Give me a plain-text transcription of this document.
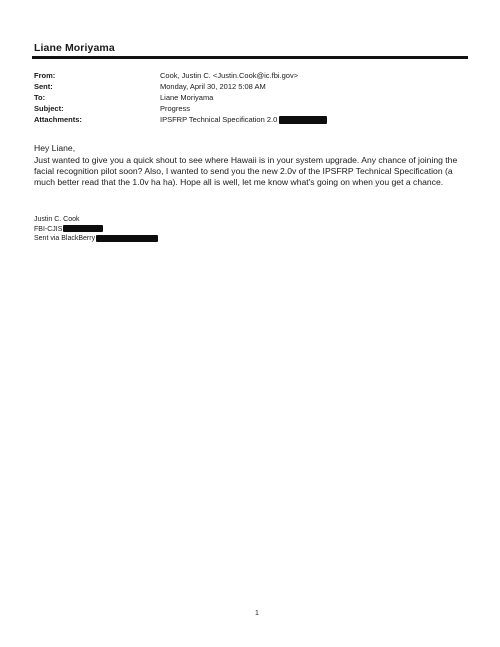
Liane Moriyama
From:	Cook, Justin C. <Justin.Cook@ic.fbi.gov>
Sent:	Monday, April 30, 2012 5:08 AM
To:	Liane Moriyama
Subject:	Progress
Attachments:	IPSFRP Technical Specification 2.0

Hey Liane,

Just wanted to give you a quick shout to see where Hawaii is in your system upgrade. Any chance of joining the facial recognition pilot soon? Also, I wanted to send you the new 2.0v of the IPSFRP Technical Specification (a much better read that the 1.0v ha ha). Hope all is well, let me know what's going on when you get a chance.

Justin C. Cook
FBI-CJIS
Sent via BlackBerry
1
